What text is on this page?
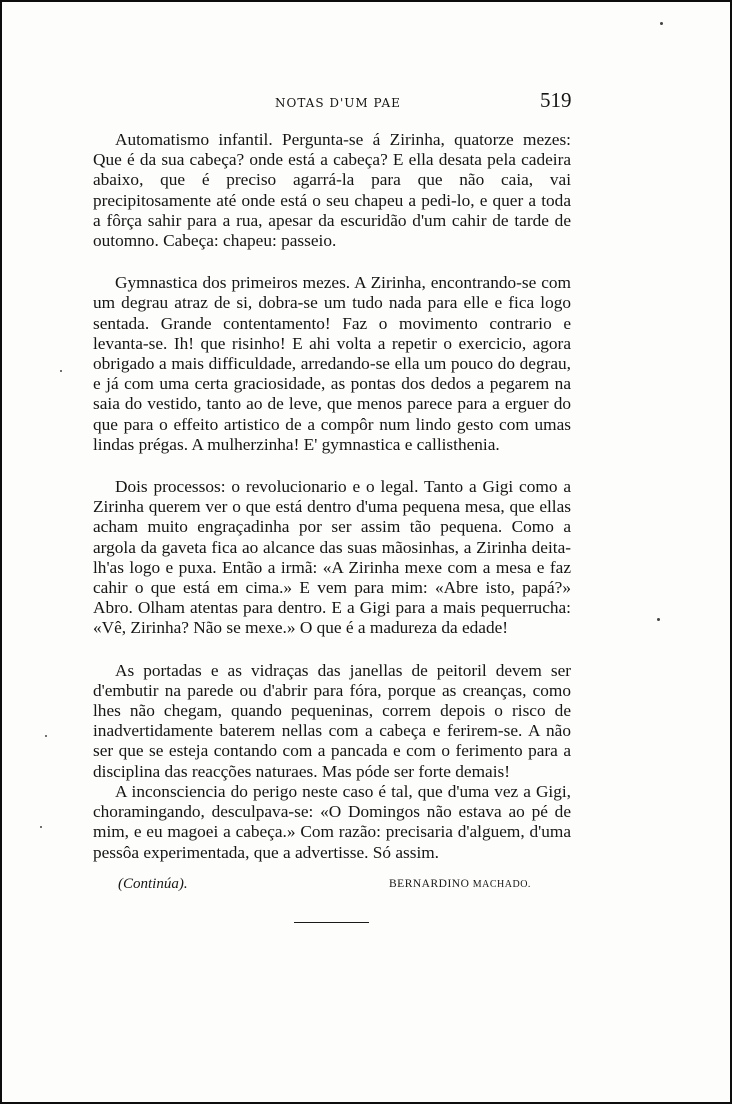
NOTAS D'UM PAE	519

Automatismo infantil. Pergunta-se á Zirinha, quatorze mezes: Que é da sua cabeça? onde está a cabeça? E ella desata pela cadeira abaixo, que é preciso agarrá-la para que não caia, vai precipitosamente até onde está o seu chapeu a pedi-lo, e quer a toda a fôrça sahir para a rua, apesar da escuridão d'um cahir de tarde de outomno. Cabeça: chapeu: passeio.

Gymnastica dos primeiros mezes. A Zirinha, encontrando-se com um degrau atraz de si, dobra-se um tudo nada para elle e fica logo sentada. Grande contentamento! Faz o movimento contrario e levanta-se. Ih! que risinho! E ahi volta a repetir o exercicio, agora obrigado a mais difficuldade, arredando-se ella um pouco do degrau, e já com uma certa graciosidade, as pontas dos dedos a pegarem na saia do vestido, tanto ao de leve, que menos parece para a erguer do que para o effeito artistico de a compôr num lindo gesto com umas lindas prégas. A mulherzinha! E' gymnastica e callisthenia.

Dois processos: o revolucionario e o legal. Tanto a Gigi como a Zirinha querem ver o que está dentro d'uma pequena mesa, que ellas acham muito engraçadinha por ser assim tão pequena. Como a argola da gaveta fica ao alcance das suas mãosinhas, a Zirinha deita-lh'as logo e puxa. Então a irmã: «A Zirinha mexe com a mesa e faz cahir o que está em cima.» E vem para mim: «Abre isto, papá?» Abro. Olham atentas para dentro. E a Gigi para a mais pequerrucha: «Vê, Zirinha? Não se mexe.» O que é a madureza da edade!

As portadas e as vidraças das janellas de peitoril devem ser d'embutir na parede ou d'abrir para fóra, porque as creanças, como lhes não chegam, quando pequeninas, correm depois o risco de inadvertidamente baterem nellas com a cabeça e ferirem-se. A não ser que se esteja contando com a pancada e com o ferimento para a disciplina das reacções naturaes. Mas póde ser forte demais!

A inconsciencia do perigo neste caso é tal, que d'uma vez a Gigi, choramingando, desculpava-se: «O Domingos não estava ao pé de mim, e eu magoei a cabeça.» Com razão: precisaria d'alguem, d'uma pessôa experimentada, que a advertisse. Só assim.

(Continúa).	BERNARDINO MACHADO.
